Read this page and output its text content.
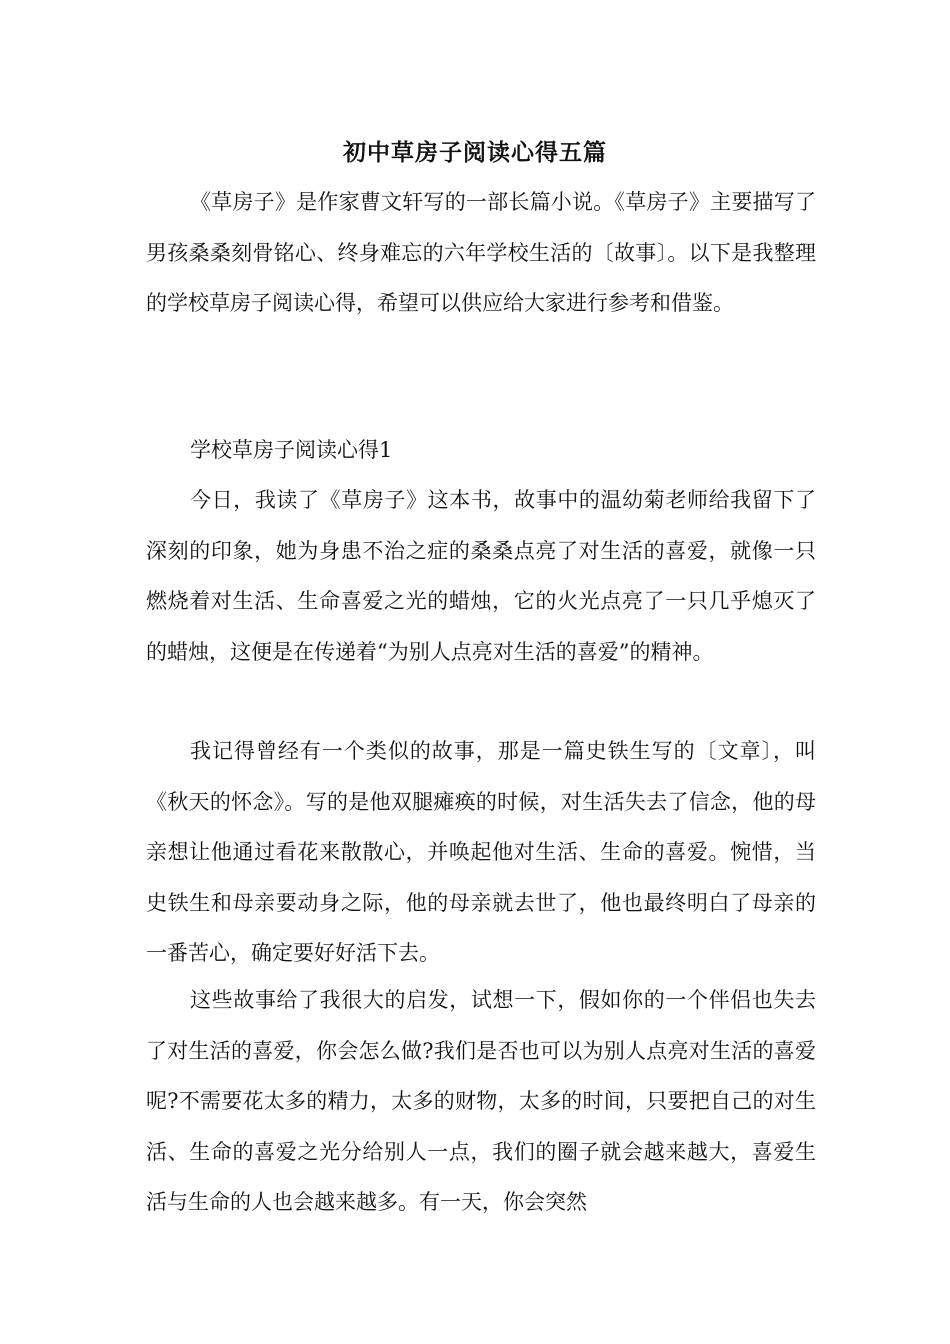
初中草房子阅读心得五篇

《草房子》是作家曹文轩写的一部长篇小说。《草房子》主要描写了男孩桑桑刻骨铭心、终身难忘的六年学校生活的〔故事〕。以下是我整理的学校草房子阅读心得，希望可以供应给大家进行参考和借鉴。

学校草房子阅读心得1

今日，我读了《草房子》这本书，故事中的温幼菊老师给我留下了深刻的印象，她为身患不治之症的桑桑点亮了对生活的喜爱，就像一只燃烧着对生活、生命喜爱之光的蜡烛，它的火光点亮了一只几乎熄灭了的蜡烛，这便是在传递着“为别人点亮对生活的喜爱”的精神。

我记得曾经有一个类似的故事，那是一篇史铁生写的〔文章〕，叫《秋天的怀念》。写的是他双腿瘫痪的时候，对生活失去了信念，他的母亲想让他通过看花来散散心，并唤起他对生活、生命的喜爱。惋惜，当史铁生和母亲要动身之际，他的母亲就去世了，他也最终明白了母亲的一番苦心，确定要好好活下去。

这些故事给了我很大的启发，试想一下，假如你的一个伴侣也失去了对生活的喜爱，你会怎么做?我们是否也可以为别人点亮对生活的喜爱呢?不需要花太多的精力，太多的财物，太多的时间，只要把自己的对生活、生命的喜爱之光分给别人一点，我们的圈子就会越来越大，喜爱生活与生命的人也会越来越多。有一天，你会突然
